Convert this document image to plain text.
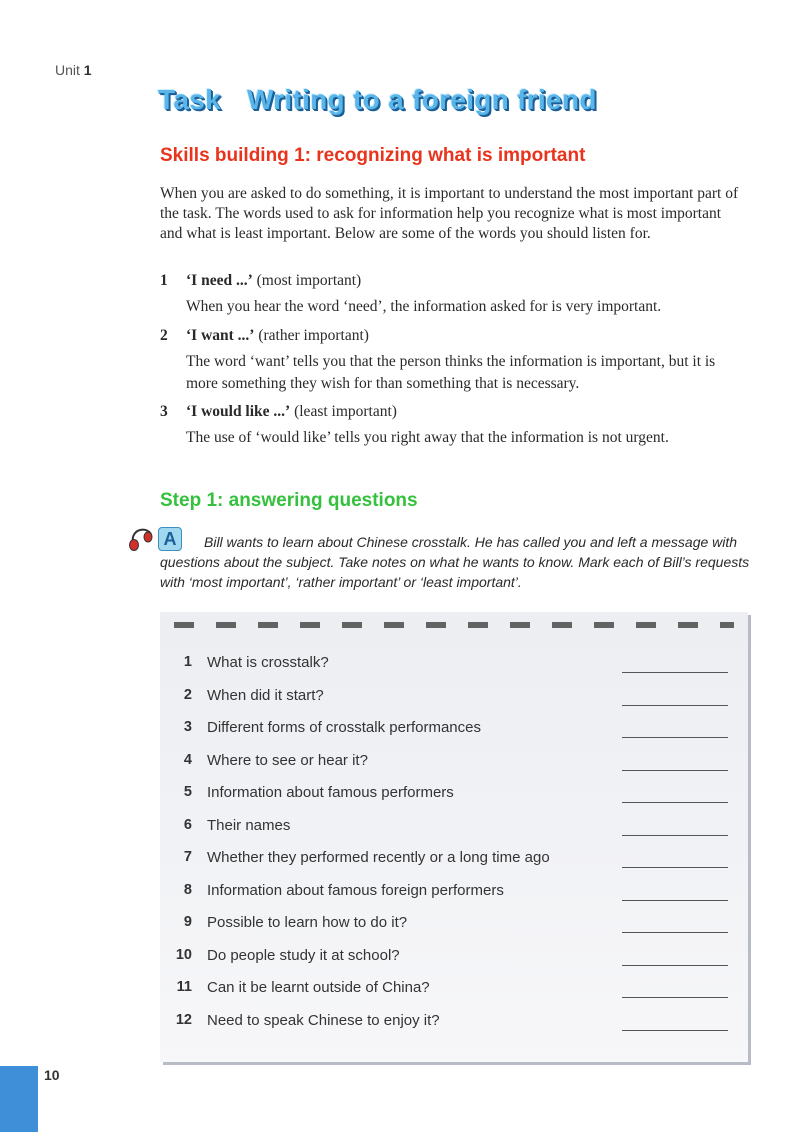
Unit 1
Task Writing to a foreign friend
Skills building 1: recognizing what is important
When you are asked to do something, it is important to understand the most important part of the task. The words used to ask for information help you recognize what is most important and what is least important. Below are some of the words you should listen for.
1 ‘I need ...’ (most important)
When you hear the word ‘need’, the information asked for is very important.
2 ‘I want ...’ (rather important)
The word ‘want’ tells you that the person thinks the information is important, but it is more something they wish for than something that is necessary.
3 ‘I would like ...’ (least important)
The use of ‘would like’ tells you right away that the information is not urgent.
Step 1: answering questions
A	Bill wants to learn about Chinese crosstalk. He has called you and left a message with questions about the subject. Take notes on what he wants to know. Mark each of Bill’s requests with ‘most important’, ‘rather important’ or ‘least important’.
1 What is crosstalk?
2 When did it start?
3 Different forms of crosstalk performances
4 Where to see or hear it?
5 Information about famous performers
6 Their names
7 Whether they performed recently or a long time ago
8 Information about famous foreign performers
9 Possible to learn how to do it?
10 Do people study it at school?
11 Can it be learnt outside of China?
12 Need to speak Chinese to enjoy it?
10
